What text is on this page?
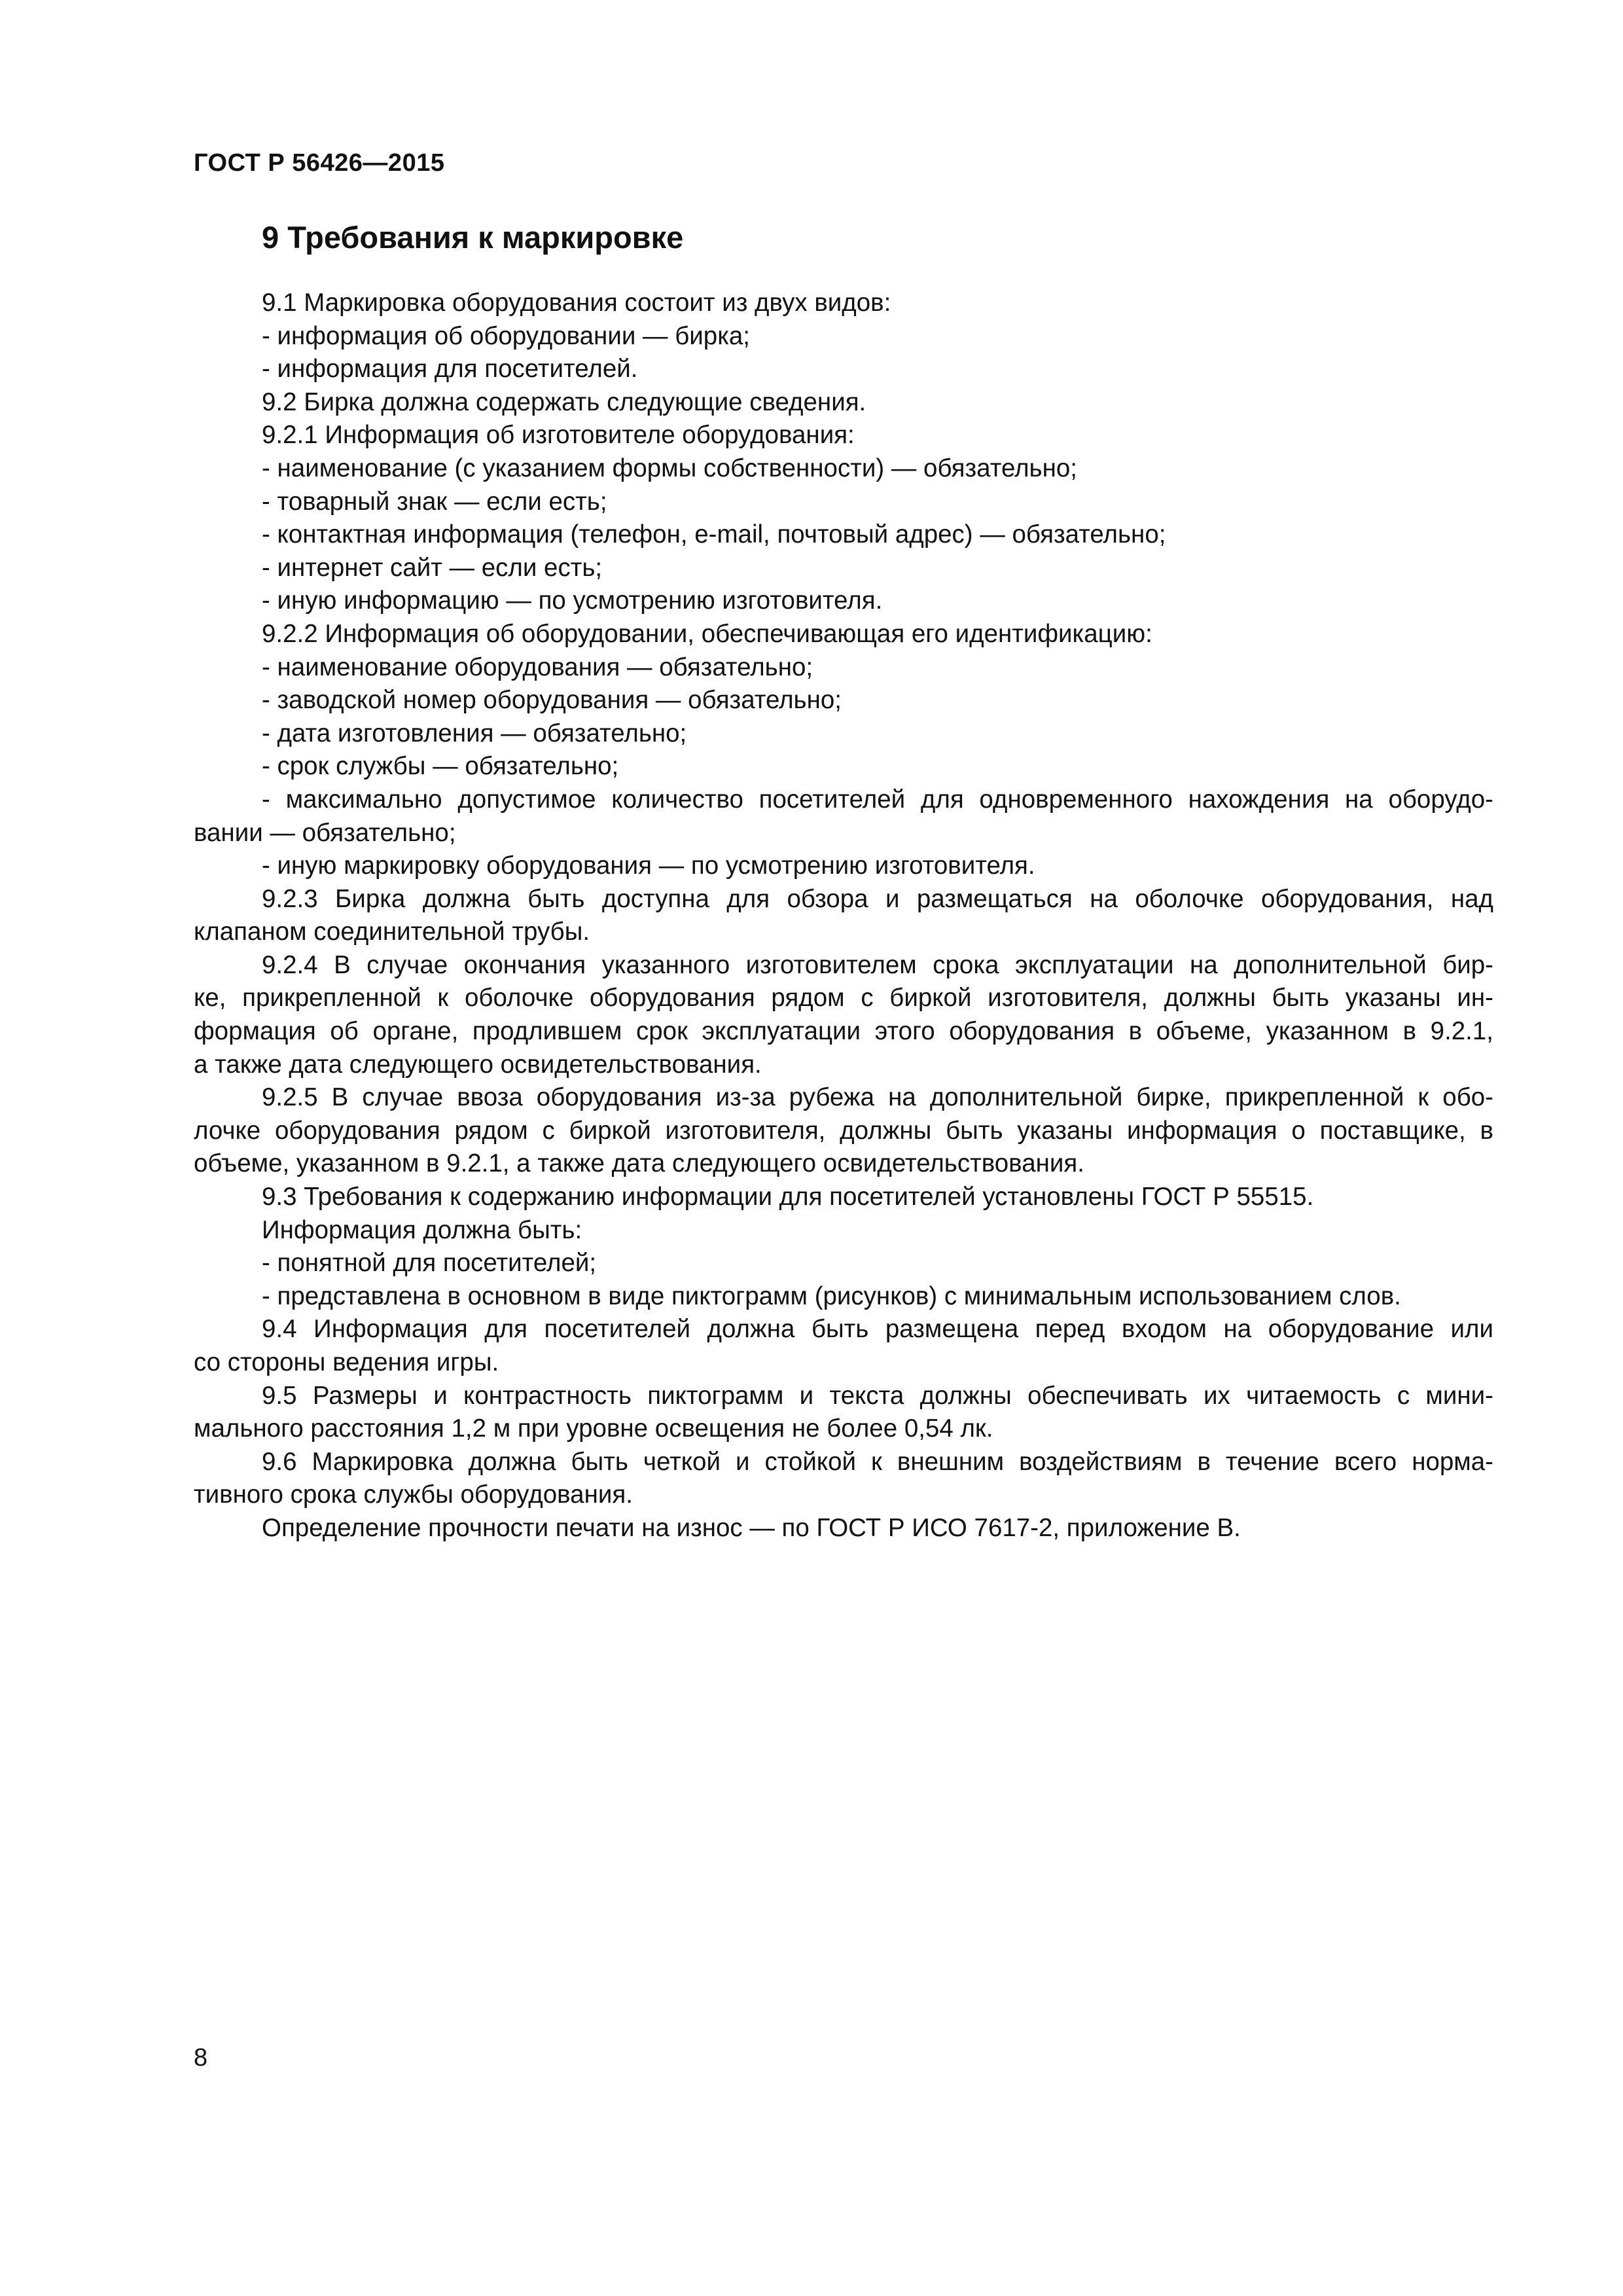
ГОСТ Р 56426—2015
9 Требования к маркировке
9.1 Маркировка оборудования состоит из двух видов:
- информация об оборудовании — бирка;
- информация для посетителей.
9.2 Бирка должна содержать следующие сведения.
9.2.1 Информация об изготовителе оборудования:
- наименование (с указанием формы собственности) — обязательно;
- товарный знак — если есть;
- контактная информация (телефон, e-mail, почтовый адрес) — обязательно;
- интернет сайт — если есть;
- иную информацию — по усмотрению изготовителя.
9.2.2 Информация об оборудовании, обеспечивающая его идентификацию:
- наименование оборудования — обязательно;
- заводской номер оборудования — обязательно;
- дата изготовления — обязательно;
- срок службы — обязательно;
- максимально допустимое количество посетителей для одновременного нахождения на оборудо-
вании — обязательно;
- иную маркировку оборудования — по усмотрению изготовителя.
9.2.3 Бирка должна быть доступна для обзора и размещаться на оболочке оборудования, над
клапаном соединительной трубы.
9.2.4 В случае окончания указанного изготовителем срока эксплуатации на дополнительной бир-
ке, прикрепленной к оболочке оборудования рядом с биркой изготовителя, должны быть указаны ин-
формация об органе, продлившем срок эксплуатации этого оборудования в объеме, указанном в 9.2.1,
а также дата следующего освидетельствования.
9.2.5 В случае ввоза оборудования из-за рубежа на дополнительной бирке, прикрепленной к обо-
лочке оборудования рядом с биркой изготовителя, должны быть указаны информация о поставщике, в
объеме, указанном в 9.2.1, а также дата следующего освидетельствования.
9.3 Требования к содержанию информации для посетителей установлены ГОСТ Р 55515.
Информация должна быть:
- понятной для посетителей;
- представлена в основном в виде пиктограмм (рисунков) с минимальным использованием слов.
9.4 Информация для посетителей должна быть размещена перед входом на оборудование или
со стороны ведения игры.
9.5 Размеры и контрастность пиктограмм и текста должны обеспечивать их читаемость с мини-
мального расстояния 1,2 м при уровне освещения не более 0,54 лк.
9.6 Маркировка должна быть четкой и стойкой к внешним воздействиям в течение всего норма-
тивного срока службы оборудования.
Определение прочности печати на износ — по ГОСТ Р ИСО 7617-2, приложение В.
8
